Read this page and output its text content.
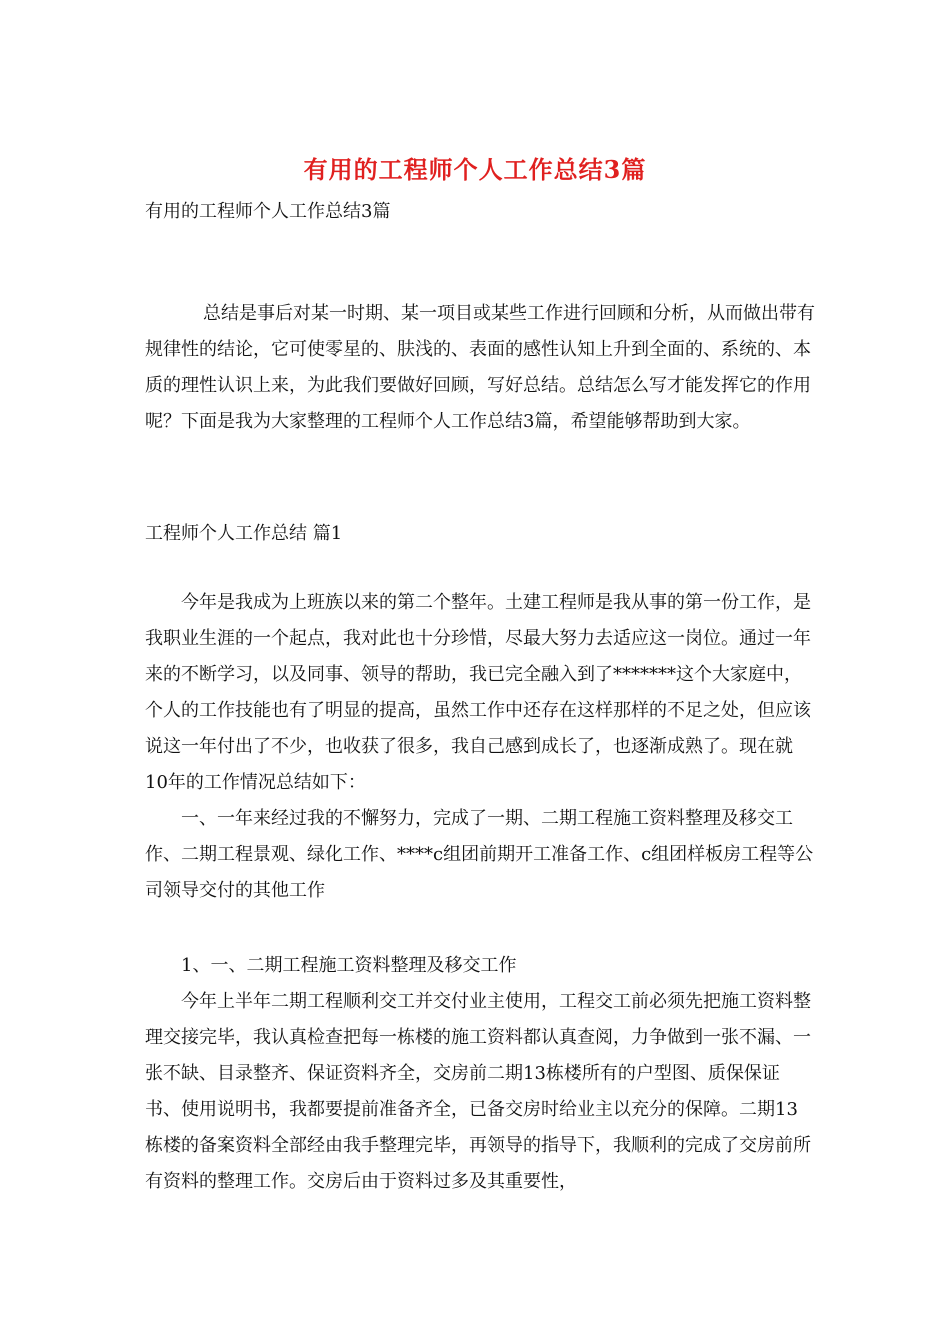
有用的工程师个人工作总结3篇
有用的工程师个人工作总结3篇

总结是事后对某一时期、某一项目或某些工作进行回顾和分析，从而做出带有规律性的结论，它可使零星的、肤浅的、表面的感性认知上升到全面的、系统的、本质的理性认识上来，为此我们要做好回顾，写好总结。总结怎么写才能发挥它的作用呢？下面是我为大家整理的工程师个人工作总结3篇，希望能够帮助到大家。

工程师个人工作总结 篇1

今年是我成为上班族以来的第二个整年。土建工程师是我从事的第一份工作，是我职业生涯的一个起点，我对此也十分珍惜，尽最大努力去适应这一岗位。通过一年来的不断学习，以及同事、领导的帮助，我已完全融入到了*******这个大家庭中，个人的工作技能也有了明显的提高，虽然工作中还存在这样那样的不足之处，但应该说这一年付出了不少，也收获了很多，我自己感到成长了，也逐渐成熟了。现在就10年的工作情况总结如下：

一、一年来经过我的不懈努力，完成了一期、二期工程施工资料整理及移交工作、二期工程景观、绿化工作、****c组团前期开工准备工作、c组团样板房工程等公司领导交付的其他工作

1、一、二期工程施工资料整理及移交工作

今年上半年二期工程顺利交工并交付业主使用，工程交工前必须先把施工资料整理交接完毕，我认真检查把每一栋楼的施工资料都认真查阅，力争做到一张不漏、一张不缺、目录整齐、保证资料齐全，交房前二期13栋楼所有的户型图、质保保证书、使用说明书，我都要提前准备齐全，已备交房时给业主以充分的保障。二期13栋楼的备案资料全部经由我手整理完毕，再领导的指导下，我顺利的完成了交房前所有资料的整理工作。交房后由于资料过多及其重要性，
